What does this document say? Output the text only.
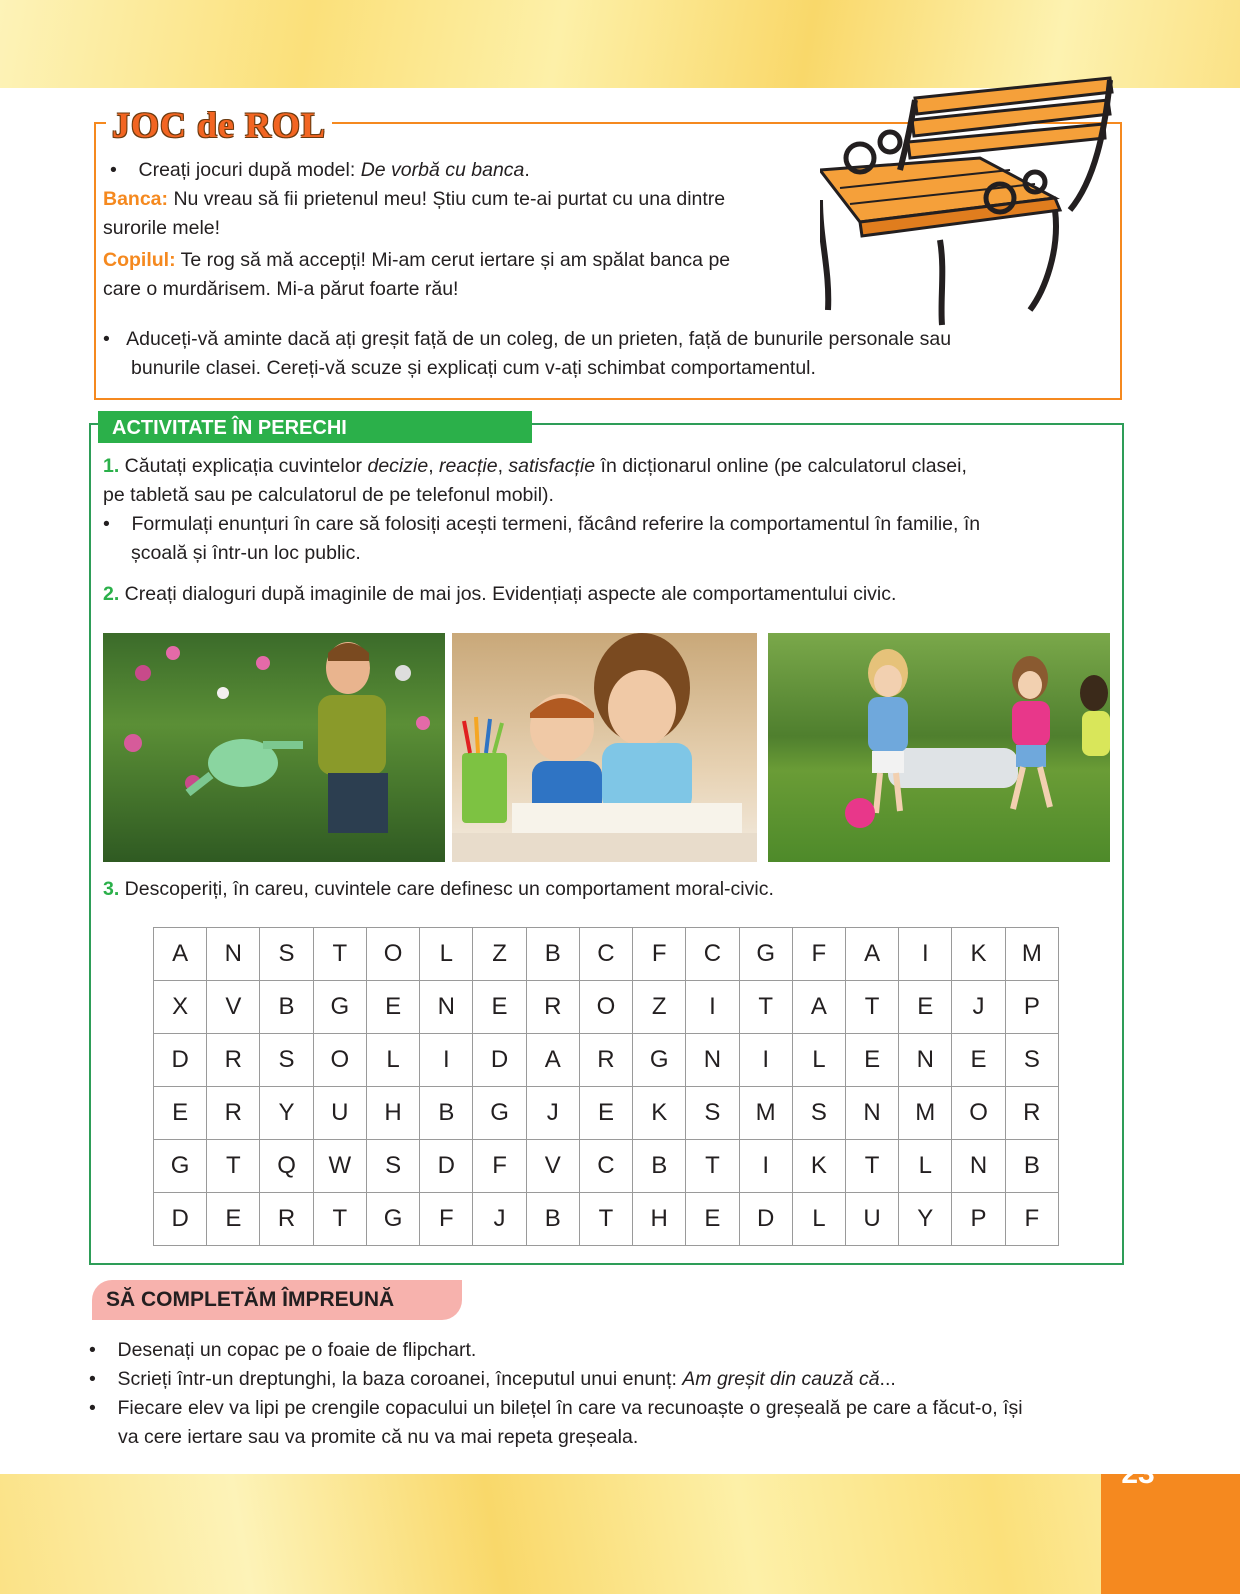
23
JOC de ROL
•    Creați jocuri după model: De vorbă cu banca.
Banca: Nu vreau să fii prietenul meu! Știu cum te-ai purtat cu una dintre
surorile mele!
Copilul: Te rog să mă accepți! Mi-am cerut iertare și am spălat banca pe
care o murdărisem. Mi-a părut foarte rău!
•   Aduceți-vă aminte dacă ați greșit față de un coleg, de un prieten, față de bunurile personale sau
bunurile clasei. Cereți-vă scuze și explicați cum v-ați schimbat comportamentul.
ACTIVITATE ÎN PERECHI
1. Căutați explicația cuvintelor decizie, reacție, satisfacție în dicționarul online (pe calculatorul clasei,
pe tabletă sau pe calculatorul de pe telefonul mobil).
•    Formulați enunțuri în care să folosiți acești termeni, făcând referire la comportamentul în familie, în
școală și într-un loc public.
2. Creați dialoguri după imaginile de mai jos. Evidențiați aspecte ale comportamentului civic.
3. Descoperiți, în careu, cuvintele care definesc un comportament moral-civic.
A	N	S	T	O	L	Z	B	C	F	C	G	F	A	I	K	M
X	V	B	G	E	N	E	R	O	Z	I	T	A	T	E	J	P
D	R	S	O	L	I	D	A	R	G	N	I	L	E	N	E	S
E	R	Y	U	H	B	G	J	E	K	S	M	S	N	M	O	R
G	T	Q	W	S	D	F	V	C	B	T	I	K	T	L	N	B
D	E	R	T	G	F	J	B	T	H	E	D	L	U	Y	P	F
SĂ COMPLETĂM ÎMPREUNĂ
•    Desenați un copac pe o foaie de flipchart.
•    Scrieți într-un dreptunghi, la baza coroanei, începutul unui enunț: Am greșit din cauză că...
•    Fiecare elev va lipi pe crengile copacului un bilețel în care va recunoaște o greșeală pe care a făcut-o, își
va cere iertare sau va promite că nu va mai repeta greșeala.
